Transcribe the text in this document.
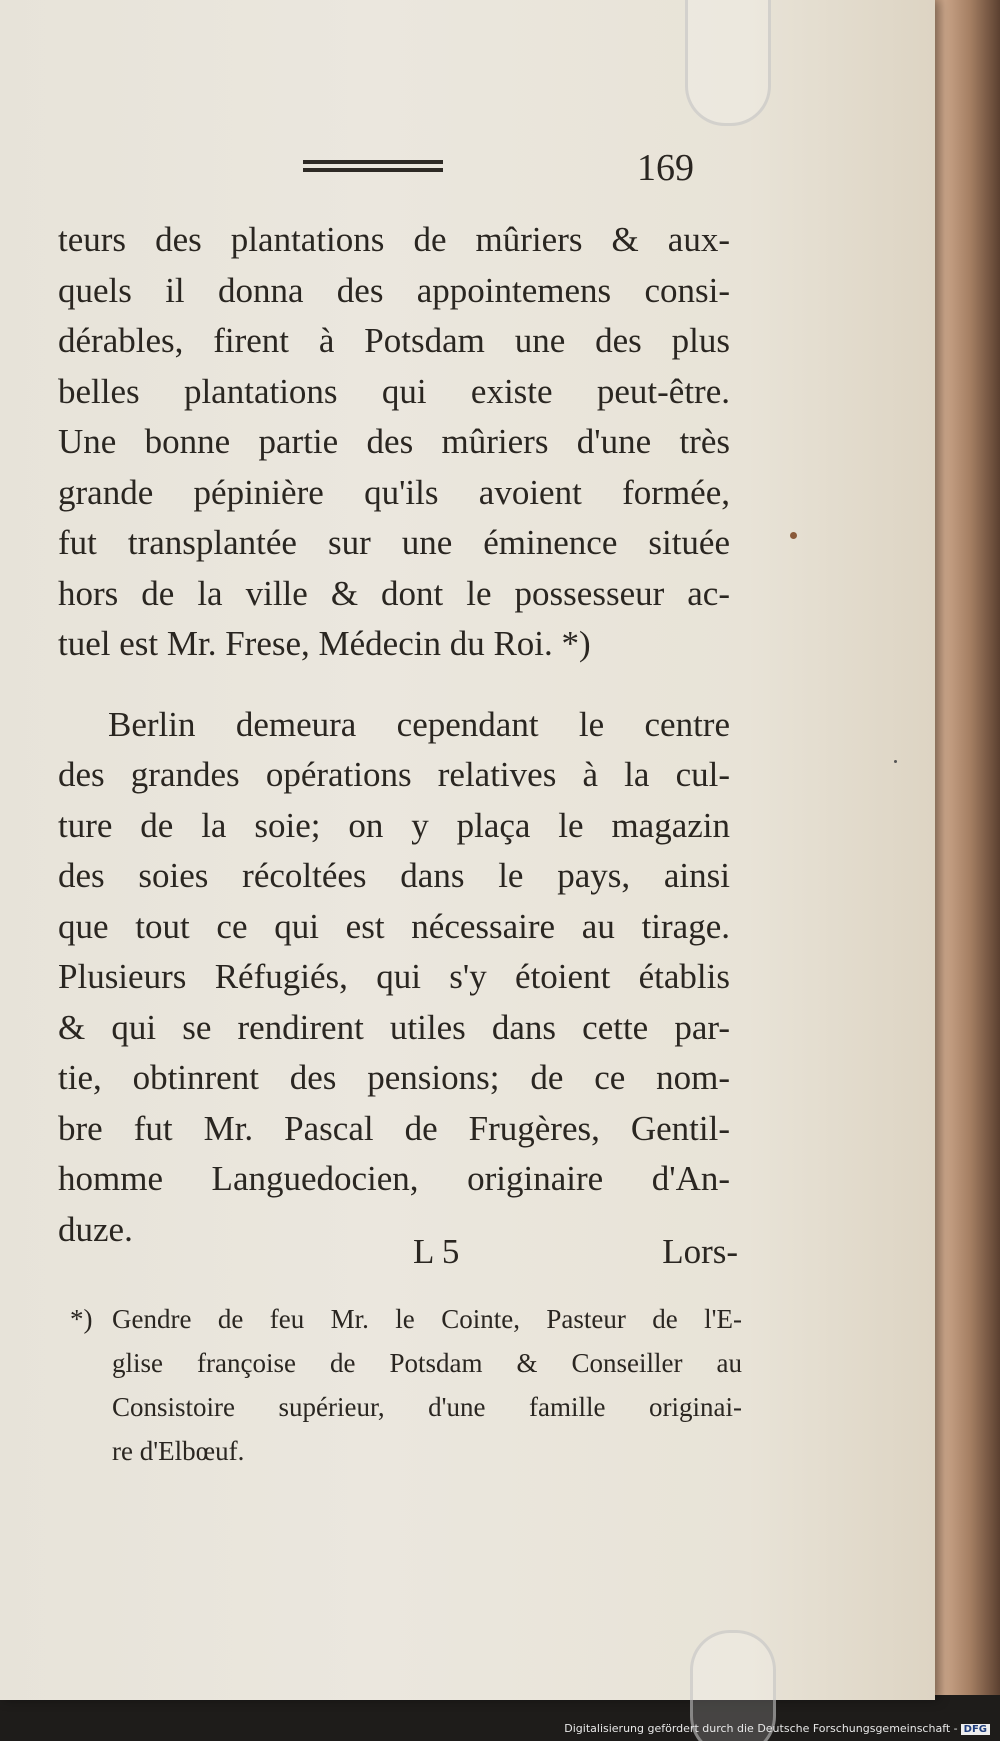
169
teurs des plantations de mûriers & aux-
quels il donna des appointemens consi-
dérables, firent à Potsdam une des plus
belles plantations qui existe peut-être.
Une bonne partie des mûriers d'une très
grande pépinière qu'ils avoient formée,
fut transplantée sur une éminence située
hors de la ville & dont le possesseur ac-
tuel est Mr. Frese, Médecin du Roi. *)
Berlin demeura cependant le centre
des grandes opérations relatives à la cul-
ture de la soie; on y plaça le magazin
des soies récoltées dans le pays, ainsi
que tout ce qui est nécessaire au tirage.
Plusieurs Réfugiés, qui s'y étoient établis
& qui se rendirent utiles dans cette par-
tie, obtinrent des pensions; de ce nom-
bre fut Mr. Pascal de Frugères, Gentil-
homme Languedocien, originaire d'An-
duze.
L 5	Lors-
Gendre de feu Mr. le Cointe, Pasteur de l'E-
glise françoise de Potsdam & Conseiller au
Consistoire supérieur, d'une famille originai-
re d'Elbœuf.
*)
Digitalisierung gefördert durch die Deutsche Forschungsgemeinschaft - DFG
